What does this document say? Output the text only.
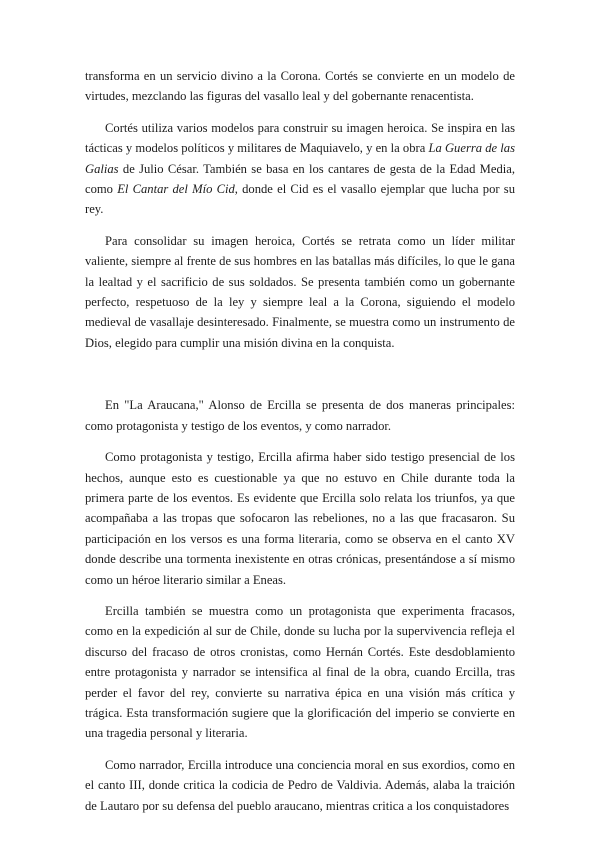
transforma en un servicio divino a la Corona. Cortés se convierte en un modelo de virtudes, mezclando las figuras del vasallo leal y del gobernante renacentista.

Cortés utiliza varios modelos para construir su imagen heroica. Se inspira en las tácticas y modelos políticos y militares de Maquiavelo, y en la obra La Guerra de las Galias de Julio César. También se basa en los cantares de gesta de la Edad Media, como El Cantar del Mío Cid, donde el Cid es el vasallo ejemplar que lucha por su rey.

Para consolidar su imagen heroica, Cortés se retrata como un líder militar valiente, siempre al frente de sus hombres en las batallas más difíciles, lo que le gana la lealtad y el sacrificio de sus soldados. Se presenta también como un gobernante perfecto, respetuoso de la ley y siempre leal a la Corona, siguiendo el modelo medieval de vasallaje desinteresado. Finalmente, se muestra como un instrumento de Dios, elegido para cumplir una misión divina en la conquista.

En "La Araucana," Alonso de Ercilla se presenta de dos maneras principales: como protagonista y testigo de los eventos, y como narrador.

Como protagonista y testigo, Ercilla afirma haber sido testigo presencial de los hechos, aunque esto es cuestionable ya que no estuvo en Chile durante toda la primera parte de los eventos. Es evidente que Ercilla solo relata los triunfos, ya que acompañaba a las tropas que sofocaron las rebeliones, no a las que fracasaron. Su participación en los versos es una forma literaria, como se observa en el canto XV donde describe una tormenta inexistente en otras crónicas, presentándose a sí mismo como un héroe literario similar a Eneas.

Ercilla también se muestra como un protagonista que experimenta fracasos, como en la expedición al sur de Chile, donde su lucha por la supervivencia refleja el discurso del fracaso de otros cronistas, como Hernán Cortés. Este desdoblamiento entre protagonista y narrador se intensifica al final de la obra, cuando Ercilla, tras perder el favor del rey, convierte su narrativa épica en una visión más crítica y trágica. Esta transformación sugiere que la glorificación del imperio se convierte en una tragedia personal y literaria.

Como narrador, Ercilla introduce una conciencia moral en sus exordios, como en el canto III, donde critica la codicia de Pedro de Valdivia. Además, alaba la traición de Lautaro por su defensa del pueblo araucano, mientras critica a los conquistadores
